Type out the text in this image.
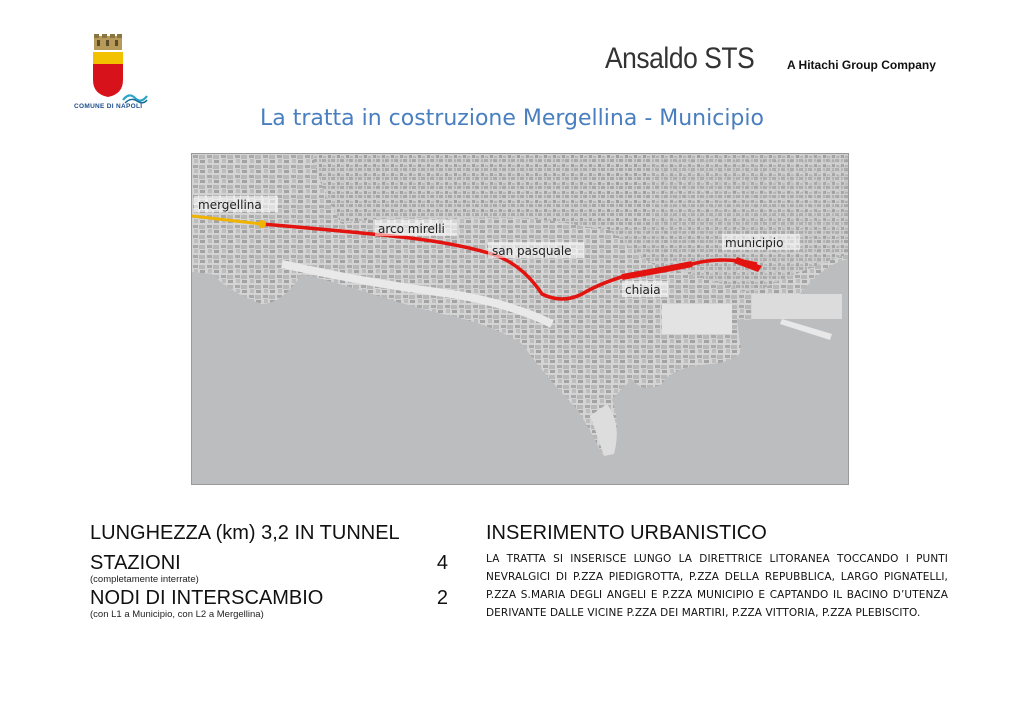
COMUNE DI NAPOLI
Ansaldo STS	A Hitachi Group Company
La tratta in costruzione Mergellina - Municipio
mergellina
arco mirelli
san pasquale
chiaia
municipio
LUNGHEZZA (km) 3,2 IN TUNNEL
STAZIONI	4
(completamente interrate)
NODI DI INTERSCAMBIO	2
(con L1 a Municipio, con L2 a Mergellina)
INSERIMENTO URBANISTICO
LA TRATTA SI INSERISCE LUNGO LA DIRETTRICE LITORANEA TOCCANDO I PUNTI NEVRALGICI DI P.ZZA PIEDIGROTTA, P.ZZA DELLA REPUBBLICA, LARGO PIGNATELLI, P.ZZA S.MARIA DEGLI ANGELI E P.ZZA MUNICIPIO E CAPTANDO IL BACINO D’UTENZA DERIVANTE DALLE VICINE P.ZZA DEI MARTIRI, P.ZZA VITTORIA, P.ZZA PLEBISCITO.
